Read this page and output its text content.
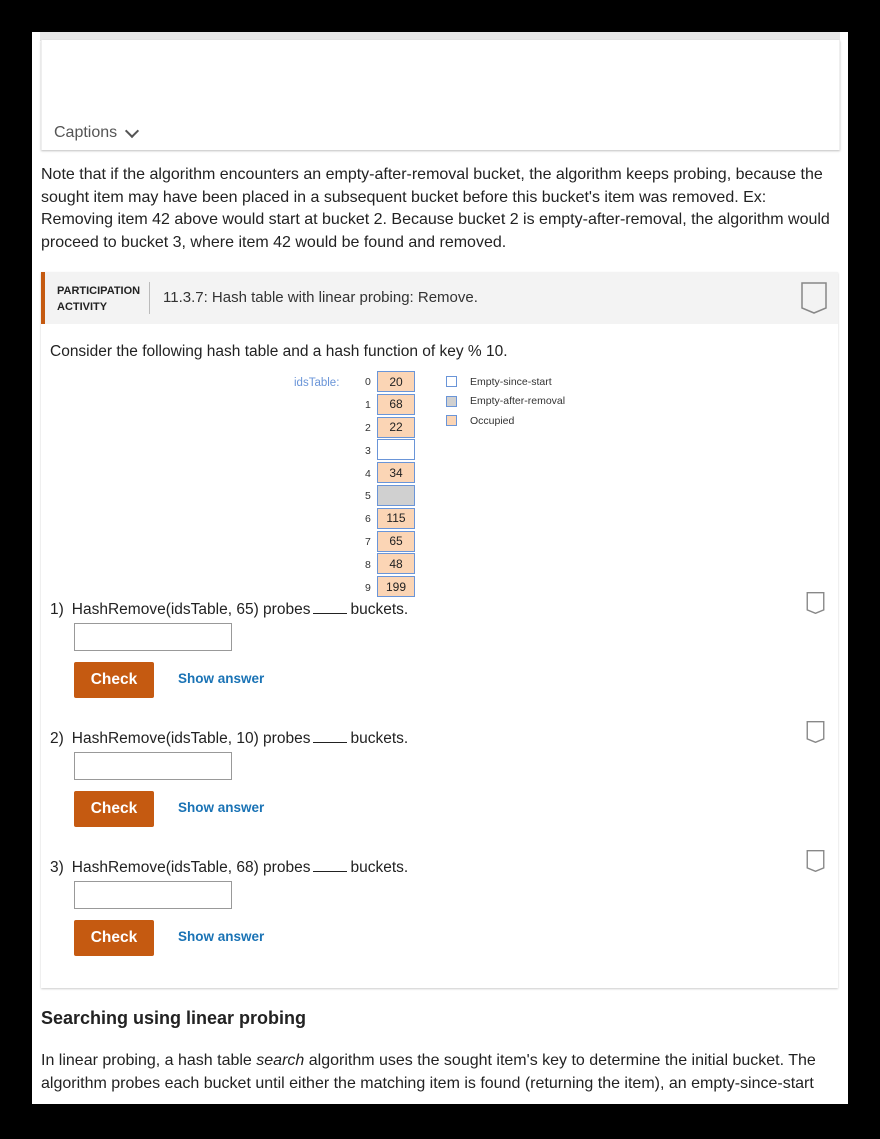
Captions
Note that if the algorithm encounters an empty-after-removal bucket, the algorithm keeps probing, because the sought item may have been placed in a subsequent bucket before this bucket's item was removed. Ex: Removing item 42 above would start at bucket 2. Because bucket 2 is empty-after-removal, the algorithm would proceed to bucket 3, where item 42 would be found and removed.
PARTICIPATION
ACTIVITY
11.3.7: Hash table with linear probing: Remove.
Consider the following hash table and a hash function of key % 10.
idsTable: 0	20
1	68
2	22
3
4	34
5
6	115
7	65
8	48
9	199
Empty-since-start
Empty-after-removal
Occupied
1) HashRemove(idsTable, 65) probes	buckets.
Check	Show answer
2) HashRemove(idsTable, 10) probes	buckets.
Check	Show answer
3) HashRemove(idsTable, 68) probes	buckets.
Check	Show answer
Searching using linear probing
In linear probing, a hash table search algorithm uses the sought item's key to determine the initial bucket. The algorithm probes each bucket until either the matching item is found (returning the item), an empty-since-start
